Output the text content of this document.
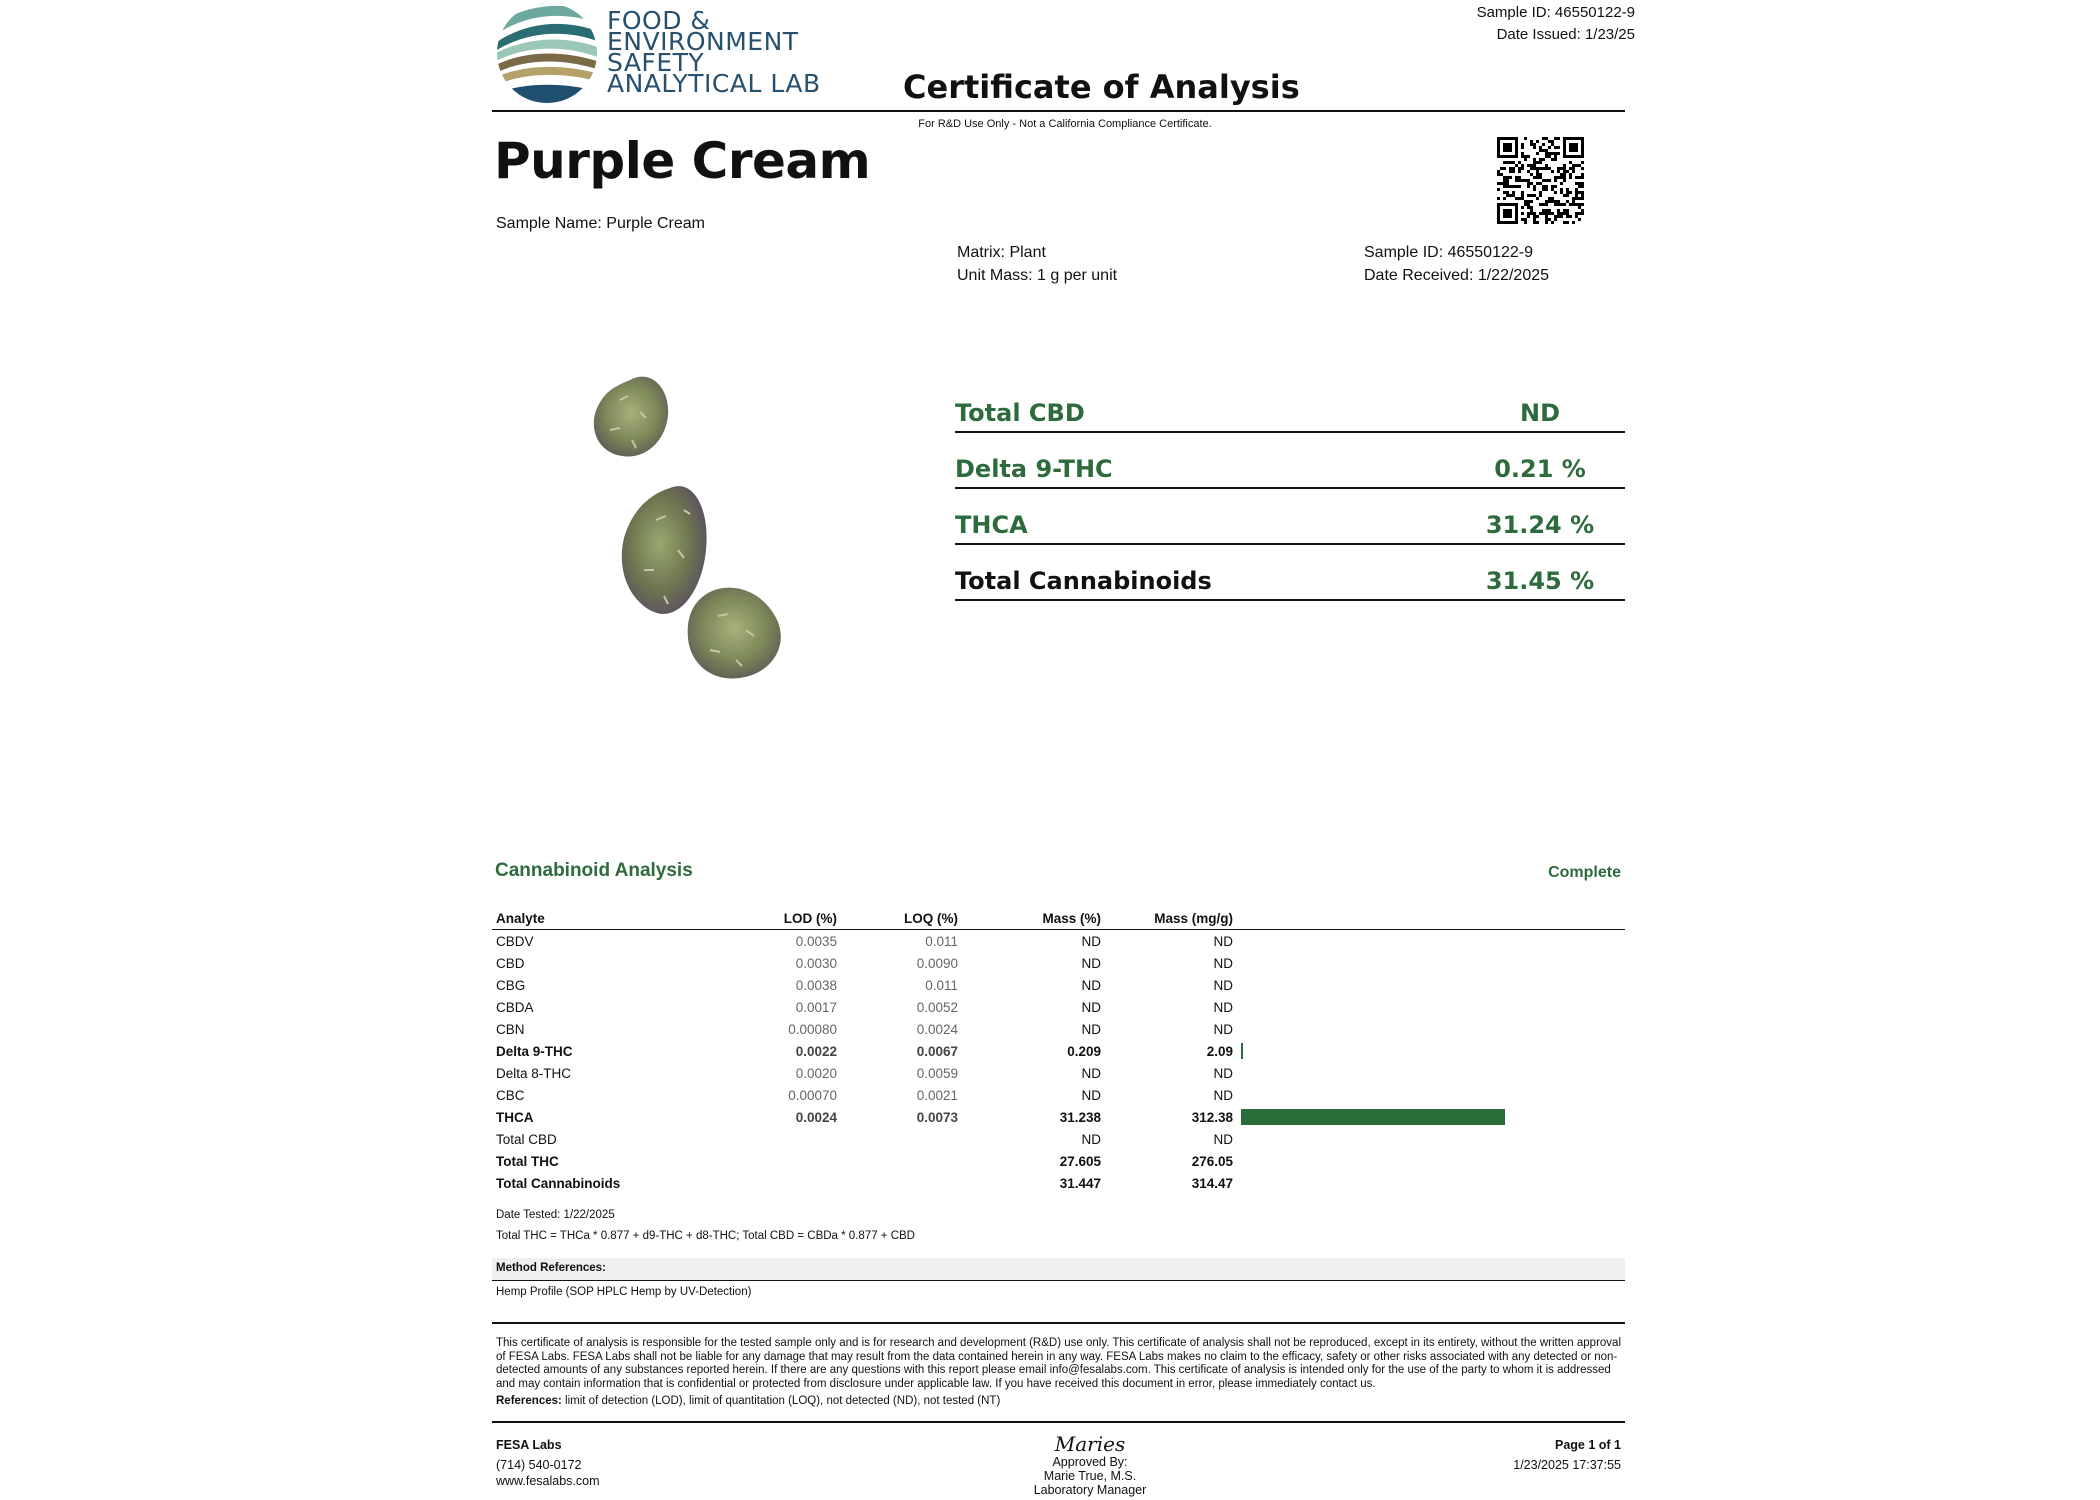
FOOD &
ENVIRONMENT
SAFETY
ANALYTICAL LAB
Sample ID: 46550122-9
Date Issued: 1/23/25
Certificate of Analysis
For R&D Use Only - Not a California Compliance Certificate.
Purple Cream
Sample Name: Purple Cream
Matrix: Plant
Unit Mass: 1 g per unit
Sample ID: 46550122-9
Date Received: 1/22/2025
Total CBD	ND
Delta 9-THC	0.21 %
THCA	31.24 %
Total Cannabinoids	31.45 %
Cannabinoid Analysis	Complete
Analyte	LOD (%)	LOQ (%)	Mass (%)	Mass (mg/g)	
CBDV	0.0035	0.011	ND	ND	
CBD	0.0030	0.0090	ND	ND	
CBG	0.0038	0.011	ND	ND	
CBDA	0.0017	0.0052	ND	ND	
CBN	0.00080	0.0024	ND	ND	
Delta 9-THC	0.0022	0.0067	0.209	2.09	

Delta 8-THC	0.0020	0.0059	ND	ND	
CBC	0.00070	0.0021	ND	ND	
THCA	0.0024	0.0073	31.238	312.38	

Total CBD			ND	ND	
Total THC			27.605	276.05	
Total Cannabinoids			31.447	314.47	
Date Tested: 1/22/2025
Total THC = THCa * 0.877 + d9-THC + d8-THC; Total CBD = CBDa * 0.877 + CBD
Method References:
Hemp Profile (SOP HPLC Hemp by UV-Detection)
This certificate of analysis is responsible for the tested sample only and is for research and development (R&D) use only. This certificate of analysis shall not be reproduced, except in its entirety, without the written approval of FESA Labs. FESA Labs shall not be liable for any damage that may result from the data contained herein in any way. FESA Labs makes no claim to the efficacy, safety or other risks associated with any detected or non-detected amounts of any substances reported herein. If there are any questions with this report please email info@fesalabs.com. This certificate of analysis is intended only for the use of the party to whom it is addressed and may contain information that is confidential or protected from disclosure under applicable law. If you have received this document in error, please immediately contact us.
References: limit of detection (LOD), limit of quantitation (LOQ), not detected (ND), not tested (NT)
FESA Labs
(714) 540-0172
www.fesalabs.com
Maries
Approved By:
Marie True, M.S.
Laboratory Manager
Page 1 of 1
1/23/2025 17:37:55
